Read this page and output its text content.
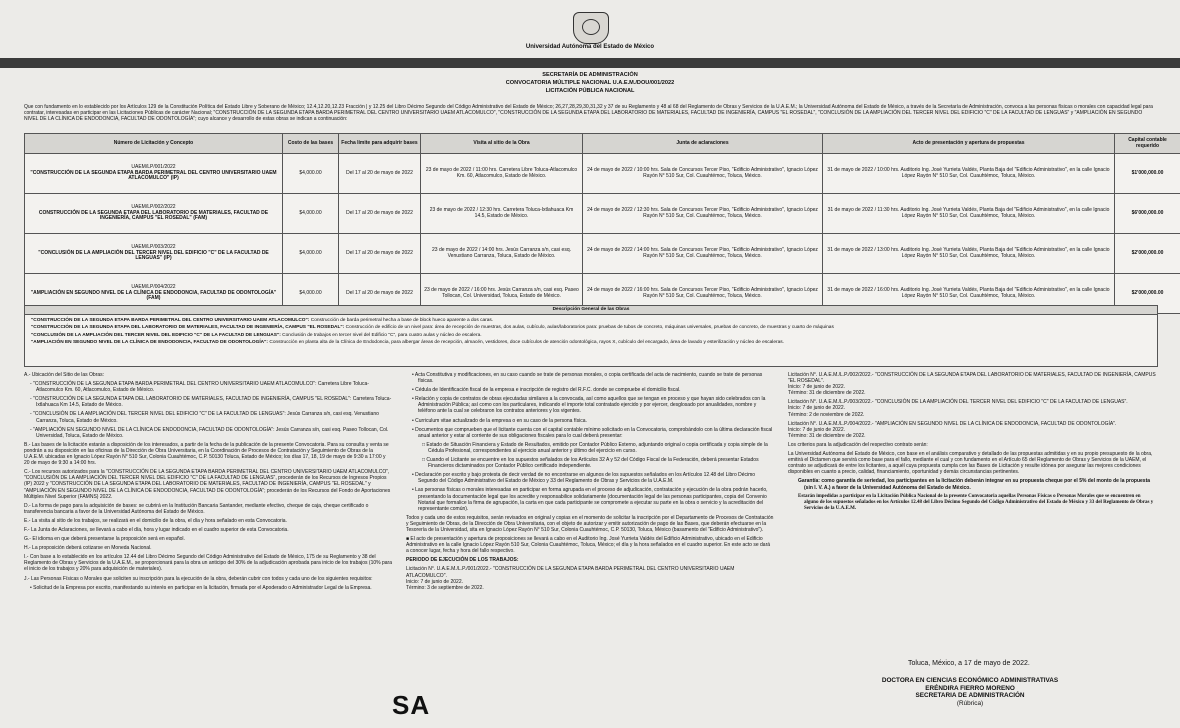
Universidad Autónoma del Estado de México
SECRETARÍA DE ADMINISTRACIÓN
CONVOCATORIA MÚLTIPLE NACIONAL U.A.E.M./DOU/001/2022
LICITACIÓN PÚBLICA NACIONAL
Que con fundamento en lo establecido por los Artículos 129 de la Constitución Política del Estado Libre y Soberano de México; 12.4,12.20,12.23 Fracción | y 12.25 del Libro Décimo Segundo del Código Administrativo del Estado de México; 26,27,28,29,30,31,32 y 37 de su Reglamento y 48 al 68 del Reglamento de Obras y Servicios de la U.A.E.M.; la Universidad Autónoma del Estado de México, a través de la Secretaría de Administración, convoca a las personas físicas o morales con capacidad legal para contratar, interesadas en participar en las Licitaciones Públicas de carácter Nacional; "CONSTRUCCIÓN DE LA SEGUNDA ETAPA BARDA PERIMETRAL DEL CENTRO UNIVERSITARIO UAEM ATLACOMULCO", "CONSTRUCCIÓN DE LA SEGUNDA ETAPA DEL LABORATORIO DE MATERIALES, FACULTAD DE INGENIERÍA, CAMPUS "EL ROSEDAL", "CONCLUSIÓN DE LA AMPLIACIÓN DEL TERCER NIVEL DEL EDIFICIO "C" DE LA FACULTAD DE LENGUAS" y "AMPLIACIÓN EN SEGUNDO NIVEL DE LA CLÍNICA DE ENDODONCIA, FACULTAD DE ODONTOLOGÍA"; cuyo alcance y desarrollo de estas obras se indican a continuación:
Número de Licitación y Concepto	Costo de las bases	Fecha límite para adquirir bases	Visita al sitio de la Obra	Junta de aclaraciones	Acto de presentación y apertura de propuestas	Capital contable requerido
UAEM/LP/001/2022
"CONSTRUCCIÓN DE LA SEGUNDA ETAPA BARDA PERIMETRAL DEL CENTRO UNIVERSITARIO UAEM ATLACOMULCO" (IP)	$4,000.00	Del 17 al 20 de mayo de 2022	23 de mayo de 2022 / 11:00 hrs. Carretera Libre Toluca-Atlacomulco Km. 60, Atlacomulco, Estado de México.	24 de mayo de 2022 / 10:00 hrs. Sala de Concursos Tercer Piso, "Edificio Administrativo", Ignacio López Rayón N° 510 Sur, Col. Cuauhtémoc, Toluca, México.	31 de mayo de 2022 / 10:00 hrs. Auditorio Ing. José Yurrieta Valdés, Planta Baja del "Edificio Administrativo", en la calle Ignacio López Rayón N° 510 Sur, Col. Cuauhtémoc, Toluca, México.	$1'000,000.00
UAEM/LP/002/2022
CONSTRUCCIÓN DE LA SEGUNDA ETAPA DEL LABORATORIO DE MATERIALES, FACULTAD DE INGENIERÍA, CAMPUS "EL ROSEDAL" (FAM)	$4,000.00	Del 17 al 20 de mayo de 2022	23 de mayo de 2022 / 12:30 hrs. Carretera Toluca-Ixtlahuaca Km 14.5, Estado de México.	24 de mayo de 2022 / 12:30 hrs. Sala de Concursos Tercer Piso, "Edificio Administrativo", Ignacio López Rayón N° 510 Sur, Col. Cuauhtémoc, Toluca, México.	31 de mayo de 2022 / 11:30 hrs. Auditorio Ing. José Yurrieta Valdés, Planta Baja del "Edificio Administrativo", en la calle Ignacio López Rayón N° 510 Sur, Col. Cuauhtémoc, Toluca, México.	$6'000,000.00
UAEM/LP/003/2022
"CONCLUSIÓN DE LA AMPLIACIÓN DEL TERCER NIVEL DEL EDIFICIO "C" DE LA FACULTAD DE LENGUAS" (IP)	$4,000.00	Del 17 al 20 de mayo de 2022	23 de mayo de 2022 / 14:00 hrs. Jesús Carranza s/n, casi esq. Venustiano Carranza, Toluca, Estado de México.	24 de mayo de 2022 / 14:00 hrs. Sala de Concursos Tercer Piso, "Edificio Administrativo", Ignacio López Rayón N° 510 Sur, Col. Cuauhtémoc, Toluca, México.	31 de mayo de 2022 / 13:00 hrs. Auditorio Ing. José Yurrieta Valdés, Planta Baja del "Edificio Administrativo", en la calle Ignacio López Rayón N° 510 Sur, Col. Cuauhtémoc, Toluca, México.	$2'000,000.00
UAEM/LP/004/2022
"AMPLIACIÓN EN SEGUNDO NIVEL DE LA CLÍNICA DE ENDODONCIA, FACULTAD DE ODONTOLOGÍA" (FAM)	$4,000.00	Del 17 al 20 de mayo de 2022	23 de mayo de 2022 / 16:00 hrs. Jesús Carranza s/n, casi esq. Paseo Tollocan, Col. Universidad, Toluca, Estado de México.	24 de mayo de 2022 / 16:00 hrs. Sala de Concursos Tercer Piso, "Edificio Administrativo", Ignacio López Rayón N° 510 Sur, Col. Cuauhtémoc, Toluca, México.	31 de mayo de 2022 / 16:00 hrs. Auditorio Ing. José Yurrieta Valdés, Planta Baja del "Edificio Administrativo", en la calle Ignacio López Rayón N° 510 Sur, Col. Cuauhtémoc, Toluca, México.	$2'000,000.00
Descripción General de las Obras
"CONSTRUCCIÓN DE LA SEGUNDA ETAPA BARDA PERIMETRAL DEL CENTRO UNIVERSITARIO UAEM ATLACOMULCO": Construcción de barda perimetral hecha a base de block hueco aparente a dos caras.
"CONSTRUCCIÓN DE LA SEGUNDA ETAPA DEL LABORATORIO DE MATERIALES, FACULTAD DE INGENIERÍA, CAMPUS "EL ROSEDAL": Construcción de edificio de un nivel para: área de recepción de muestras, dos aulas, cubículo, aulas/laboratorios para: pruebas de tubos de concreto, máquinas universales, pruebas de concreto, de muestras y cuarto de máquinas
"CONCLUSIÓN DE LA AMPLIACIÓN DEL TERCER NIVEL DEL EDIFICIO "C" DE LA FACULTAD DE LENGUAS": Conclusión de trabajos en tercer nivel del Edificio "C", para cuatro aulas y núcleo de escalera.
"AMPLIACIÓN EN SEGUNDO NIVEL DE LA CLÍNICA DE ENDODONCIA, FACULTAD DE ODONTOLOGÍA": Construcción en planta alta de la Clínica de Endodoncia, para albergar áreas de recepción, almacén, vestidores, doce cubículos de atención odontológica, rayos X, cubículo del encargado, área de lavado y esterilización y núcleo de escaleras.

A.- Ubicación del Sitio de las Obras:

- "CONSTRUCCIÓN DE LA SEGUNDA ETAPA BARDA PERIMETRAL DEL CENTRO UNIVERSITARIO UAEM ATLACOMULCO": Carretera Libre Toluca-Atlacomulco Km. 60, Atlacomulco, Estado de México.

- "CONSTRUCCIÓN DE LA SEGUNDA ETAPA DEL LABORATORIO DE MATERIALES, FACULTAD DE INGENIERÍA, CAMPUS "EL ROSEDAL": Carretera Toluca-Ixtlahuaca Km 14.5, Estado de México.

- "CONCLUSIÓN DE LA AMPLIACIÓN DEL TERCER NIVEL DEL EDIFICIO "C" DE LA FACULTAD DE LENGUAS": Jesús Carranza s/n, casi esq. Venustiano Carranza, Toluca, Estado de México.

- "AMPLIACIÓN EN SEGUNDO NIVEL DE LA CLÍNICA DE ENDODONCIA, FACULTAD DE ODONTOLOGÍA": Jesús Carranza s/n, casi esq. Paseo Tollocan, Col. Universidad, Toluca, Estado de México.

B.- Las bases de la licitación estarán a disposición de los interesados, a partir de la fecha de la publicación de la presente Convocatoria. Para su consulta y venta se pondrán a su disposición en las oficinas de la Dirección de Obra Universitaria, en la Coordinación de Procesos de Contratación y Seguimiento de Obras de la U.A.E.M. ubicadas en Ignacio López Rayón N° 510 Sur, Colonia Cuauhtémoc, C.P. 50130 Toluca, Estado de México; los días 17, 18, 19 de mayo de 9:30 a 17:00 y 20 de mayo de 9:30 a 14:00 hrs.

C.- Los recursos autorizados para la "CONSTRUCCIÓN DE LA SEGUNDA ETAPA BARDA PERIMETRAL DEL CENTRO UNIVERSITARIO UAEM ATLACOMULCO", "CONCLUSIÓN DE LA AMPLIACIÓN DEL TERCER NIVEL DEL EDIFICIO "C" DE LA FACULTAD DE LENGUAS", procederán de los Recursos de Ingresos Propios (IP) 2022 y "CONSTRUCCIÓN DE LA SEGUNDA ETAPA DEL LABORATORIO DE MATERIALES, FACULTAD DE INGENIERÍA, CAMPUS "EL ROSEDAL" y "AMPLIACIÓN EN SEGUNDO NIVEL DE LA CLÍNICA DE ENDODONCIA, FACULTAD DE ODONTOLOGÍA"; procederán de los Recursos del Fondo de Aportaciones Múltiples Nivel Superior (FAMNS) 2022.

D.- La forma de pago para la adquisición de bases: se cubrirá en la Institución Bancaria Santander, mediante efectivo, cheque de caja, cheque certificado o transferencia bancaria a favor de la Universidad Autónoma del Estado de México.

E.- La visita al sitio de los trabajos, se realizará en el domicilio de la obra, el día y hora señalado en esta Convocatoria.

F.- La Junta de Aclaraciones, se llevará a cabo el día, hora y lugar indicado en el cuadro superior de esta Convocatoria.

G.- El idioma en que deberá presentarse la proposición será en español.

H.- La proposición deberá cotizarse en Moneda Nacional.

I.- Con base a lo establecido en los artículos 12.44 del Libro Décimo Segundo del Código Administrativo del Estado de México, 175 de su Reglamento y 38 del Reglamento de Obras y Servicios de la U.A.E.M., se proporcionará para la obra un anticipo del 30% de la adjudicación aprobada para inicio de los trabajos (10% para el inicio de los trabajos y 20% para adquisición de materiales).

J.- Las Personas Físicas o Morales que soliciten su inscripción para la ejecución de la obra, deberán cubrir con todos y cada uno de los siguientes requisitos:

• Solicitud de la Empresa por escrito, manifestando su interés en participar en la licitación, firmada por el Apoderado o Administrador Legal de la Empresa.

• Acta Constitutiva y modificaciones, en su caso cuando se trate de personas morales, o copia certificada del acta de nacimiento, cuando se trate de personas físicas.

• Cédula de Identificación fiscal de la empresa e inscripción de registro del R.F.C. donde se compruebe el domicilio fiscal.

• Relación y copia de contratos de obras ejecutadas similares a la convocada, así como aquellos que se tengan en proceso y que hayan sido celebrados con la Administración Pública; así como con los particulares, indicando el importe total contratado ejercido y por ejercer, desglosado por anualidades, nombre y teléfono ante la cual se celebraron los contratos anteriores y los vigentes.

• Curriculum vitae actualizado de la empresa o en su caso de la persona física.

• Documentos que comprueben que el licitante cuenta con el capital contable mínimo solicitado en la Convocatoria, comprobándolo con la última declaración fiscal anual anterior y estar al corriente de sus obligaciones fiscales para lo cual deberá presentar:

□ Estado de Situación Financiera y Estado de Resultados, emitido por Contador Público Externo, adjuntando original o copia certificada y copia simple de la Cédula Profesional, correspondientes al ejercicio anual anterior y último del ejercicio en curso.

□ Cuando el Licitante se encuentre en los supuestos señalados de los Artículos 32 A y 52 del Código Fiscal de la Federación, deberá presentar Estados Financieros dictaminados por Contador Público certificado independiente.

• Declaración por escrito y bajo protesta de decir verdad de no encontrarse en algunos de los supuestos señalados en los Artículos 12.48 del Libro Décimo Segundo del Código Administrativo del Estado de México y 33 del Reglamento de Obras y Servicios de la U.A.E.M.

• Las personas físicas o morales interesadas en participar en forma agrupada en el proceso de adjudicación, contratación y ejecución de la obra podrán hacerlo, presentando la documentación legal que los acredite y responsabilice solidariamente (documentación legal de las personas participantes, copia del Convenio Notarial que formalice la firma de agrupación, la carta en que cada participante se compromete a ejecutar su parte en la obra o servicio y la acreditación del representante común).

Todos y cada uno de estos requisitos, serán revisados en original y copias en el momento de solicitar la inscripción por el Departamento de Procesos de Contratación y Seguimiento de Obras, de la Dirección de Obra Universitaria, con el objeto de autorizar y emitir autorización de pago de las Bases, que deberán efectuarse en la Tesorería de la Universidad, sita en Ignacio López Rayón N° 510 Sur, Colonia Cuauhtémoc, C.P. 50130, Toluca, México (basamento del "Edificio Administrativo").

■ El acto de presentación y apertura de proposiciones se llevará a cabo en el Auditorio Ing. José Yurrieta Valdés del Edificio Administrativo, ubicado en el Edificio Administrativo en la calle Ignacio López Rayón 510 Sur, Colonia Cuauhtémoc, Toluca, México; el día y la hora señalados en el cuadro superior. En este acto se dará a conocer lugar, fecha y hora del fallo respectivo.

PERIODO DE EJECUCIÓN DE LOS TRABAJOS:

Licitación N°. U.A.E.M./L.P./001/2022.- "CONSTRUCCIÓN DE LA SEGUNDA ETAPA BARDA PERIMETRAL DEL CENTRO UNIVERSITARIO UAEM ATLACOMULCO".

Inicio: 7 de junio de 2022.

Término: 3 de septiembre de 2022.

Licitación N°. U.A.E.M./L.P./002/2022.- "CONSTRUCCIÓN DE LA SEGUNDA ETAPA DEL LABORATORIO DE MATERIALES, FACULTAD DE INGENIERÍA, CAMPUS "EL ROSEDAL".

Inicio: 7 de junio de 2022.

Término: 31 de diciembre de 2022.

Licitación N°. U.A.E.M./L.P./003/2022.- "CONCLUSIÓN DE LA AMPLIACIÓN DEL TERCER NIVEL DEL EDIFICIO "C" DE LA FACULTAD DE LENGUAS".

Inicio: 7 de junio de 2022.

Término: 2 de noviembre de 2022.

Licitación N°. U.A.E.M./L.P./004/2022.- "AMPLIACIÓN EN SEGUNDO NIVEL DE LA CLÍNICA DE ENDODONCIA, FACULTAD DE ODONTOLOGÍA".

Inicio: 7 de junio de 2022.

Término: 31 de diciembre de 2022.

Los criterios para la adjudicación del respectivo contrato serán:

La Universidad Autónoma del Estado de México, con base en el análisis comparativo y detallado de las propuestas admitidas y en su propio presupuesto de la obra, emitirá el Dictamen que servirá como base para el fallo, mediante el cual y con fundamento en el Artículo 65 del Reglamento de Obras y Servicios de la UAEM, el contrato se adjudicará de entre los licitantes, a aquél cuya propuesta cumpla con las Bases de Licitación y resulte idónea por asegurar las mejores condiciones disponibles en cuanto a precio, calidad, financiamiento, oportunidad y demás circunstancias pertinentes.

Garantía: como garantía de seriedad, los participantes en la licitación deberán integrar en su propuesta cheque por el 5% del monto de la propuesta (sin I. V. A.) a favor de la Universidad Autónoma del Estado de México.

Estarán impedidas a participar en la Licitación Pública Nacional de la presente Convocatoria aquellas Personas Físicas o Personas Morales que se encuentren en alguno de los supuestos señalados en los Artículos 12.48 del Libro Décimo Segundo del Código Administrativo del Estado de México y 33 del Reglamento de Obras y Servicios de la U.A.E.M.

SA
Toluca, México, a 17 de mayo de 2022.
DOCTORA EN CIENCIAS ECONÓMICO ADMINISTRATIVAS
ERÉNDIRA FIERRO MORENO
SECRETARIA DE ADMINISTRACIÓN
(Rúbrica)
